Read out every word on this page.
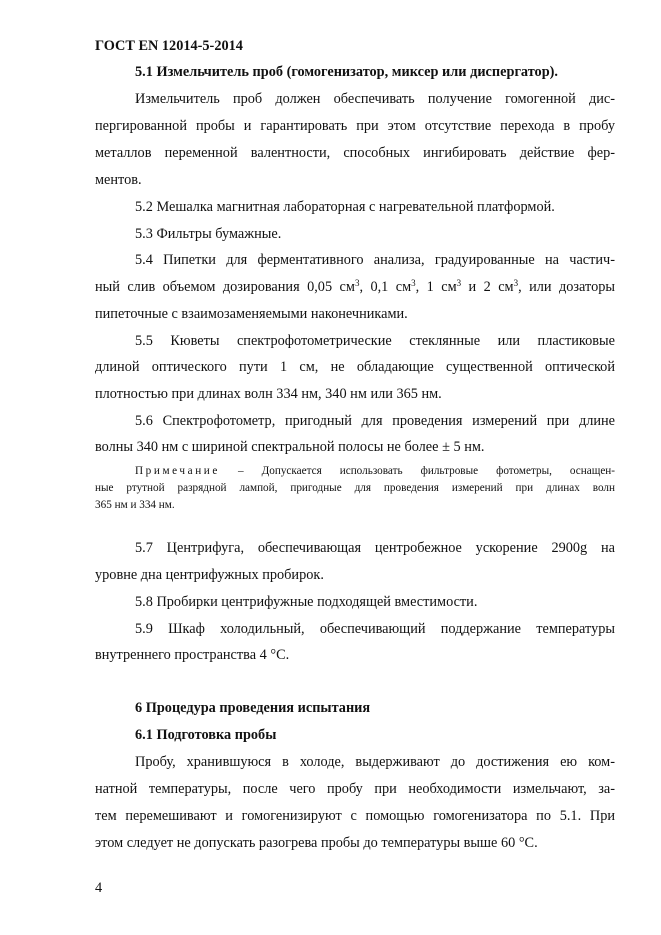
ГОСТ EN 12014-5-2014

5.1 Измельчитель проб (гомогенизатор, миксер или диспергатор).

Измельчитель проб должен обеспечивать получение гомогенной дис-

пергированной пробы и гарантировать при этом отсутствие перехода в пробу

металлов переменной валентности, способных ингибировать действие фер-

ментов.

5.2 Мешалка магнитная лабораторная с нагревательной платформой.

5.3 Фильтры бумажные.

5.4 Пипетки для ферментативного анализа, градуированные на частич-

ный слив объемом дозирования 0,05 $см^3$, 0,1 $см^3$, 1 $см^3$ и 2 $см^3$, или дозаторы

пипеточные с взаимозаменяемыми наконечниками.

5.5 Кюветы спектрофотометрические стеклянные или пластиковые

длиной оптического пути 1 см, не обладающие существенной оптической

плотностью при длинах волн 334 нм, 340 нм или 365 нм.

5.6 Спектрофотометр, пригодный для проведения измерений при длине

волны 340 нм с шириной спектральной полосы не более ± 5 нм.

Примечание – Допускается использовать фильтровые фотометры, оснащен-

ные ртутной разрядной лампой, пригодные для проведения измерений при длинах волн

365 нм и 334 нм.

5.7 Центрифуга, обеспечивающая центробежное ускорение 2900g на

уровне дна центрифужных пробирок.

5.8 Пробирки центрифужные подходящей вместимости.

5.9 Шкаф холодильный, обеспечивающий поддержание температуры

внутреннего пространства 4 °C.

6 Процедура проведения испытания

6.1 Подготовка пробы

Пробу, хранившуюся в холоде, выдерживают до достижения ею ком-

натной температуры, после чего пробу при необходимости измельчают, за-

тем перемешивают и гомогенизируют с помощью гомогенизатора по 5.1. При

этом следует не допускать разогрева пробы до температуры выше 60 °C.

4
